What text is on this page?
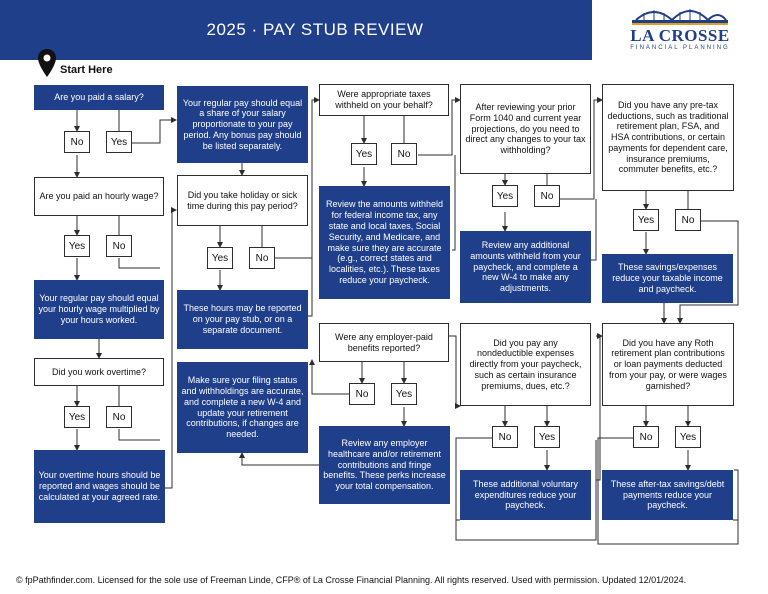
2025 · PAY STUB REVIEW	LA CROSSE
FINANCIAL PLANNING
Start Here
Are you paid a salary?
No	Yes
Are you paid an hourly wage?
Yes	No
Your regular pay should equal your hourly wage multiplied by your hours worked.
Did you work overtime?
Yes	No
Your overtime hours should be reported and wages should be calculated at your agreed rate.
Your regular pay should equal a share of your salary proportionate to your pay period. Any bonus pay should be listed separately.
Did you take holiday or sick time during this pay period?
Yes	No
These hours may be reported on your pay stub, or on a separate document.
Make sure your filing status and withholdings are accurate, and complete a new W-4 and update your retirement contributions, if changes are needed.
Were appropriate taxes withheld on your behalf?
Yes	No
Review the amounts withheld for federal income tax, any state and local taxes, Social Security, and Medicare, and make sure they are accurate (e.g., correct states and localities, etc.). These taxes reduce your paycheck.
Were any employer-paid benefits reported?
No	Yes
Review any employer healthcare and/or retirement contributions and fringe benefits. These perks increase your total compensation.
After reviewing your prior Form 1040 and current year projections, do you need to direct any changes to your tax withholding?
Yes	No
Review any additional amounts withheld from your paycheck, and complete a new W-4 to make any adjustments.
Did you pay any nondeductible expenses directly from your paycheck, such as certain insurance premiums, dues, etc.?
No	Yes
These additional voluntary expenditures reduce your paycheck.
Did you have any pre-tax deductions, such as traditional retirement plan, FSA, and HSA contributions, or certain payments for dependent care, insurance premiums, commuter benefits, etc.?
Yes	No
These savings/expenses reduce your taxable income and paycheck.
Did you have any Roth retirement plan contributions or loan payments deducted from your pay, or were wages garnished?
No	Yes
These after-tax savings/debt payments reduce your paycheck.
© fpPathfinder.com. Licensed for the sole use of Freeman Linde, CFP® of La Crosse Financial Planning. All rights reserved. Used with permission. Updated 12/01/2024.
